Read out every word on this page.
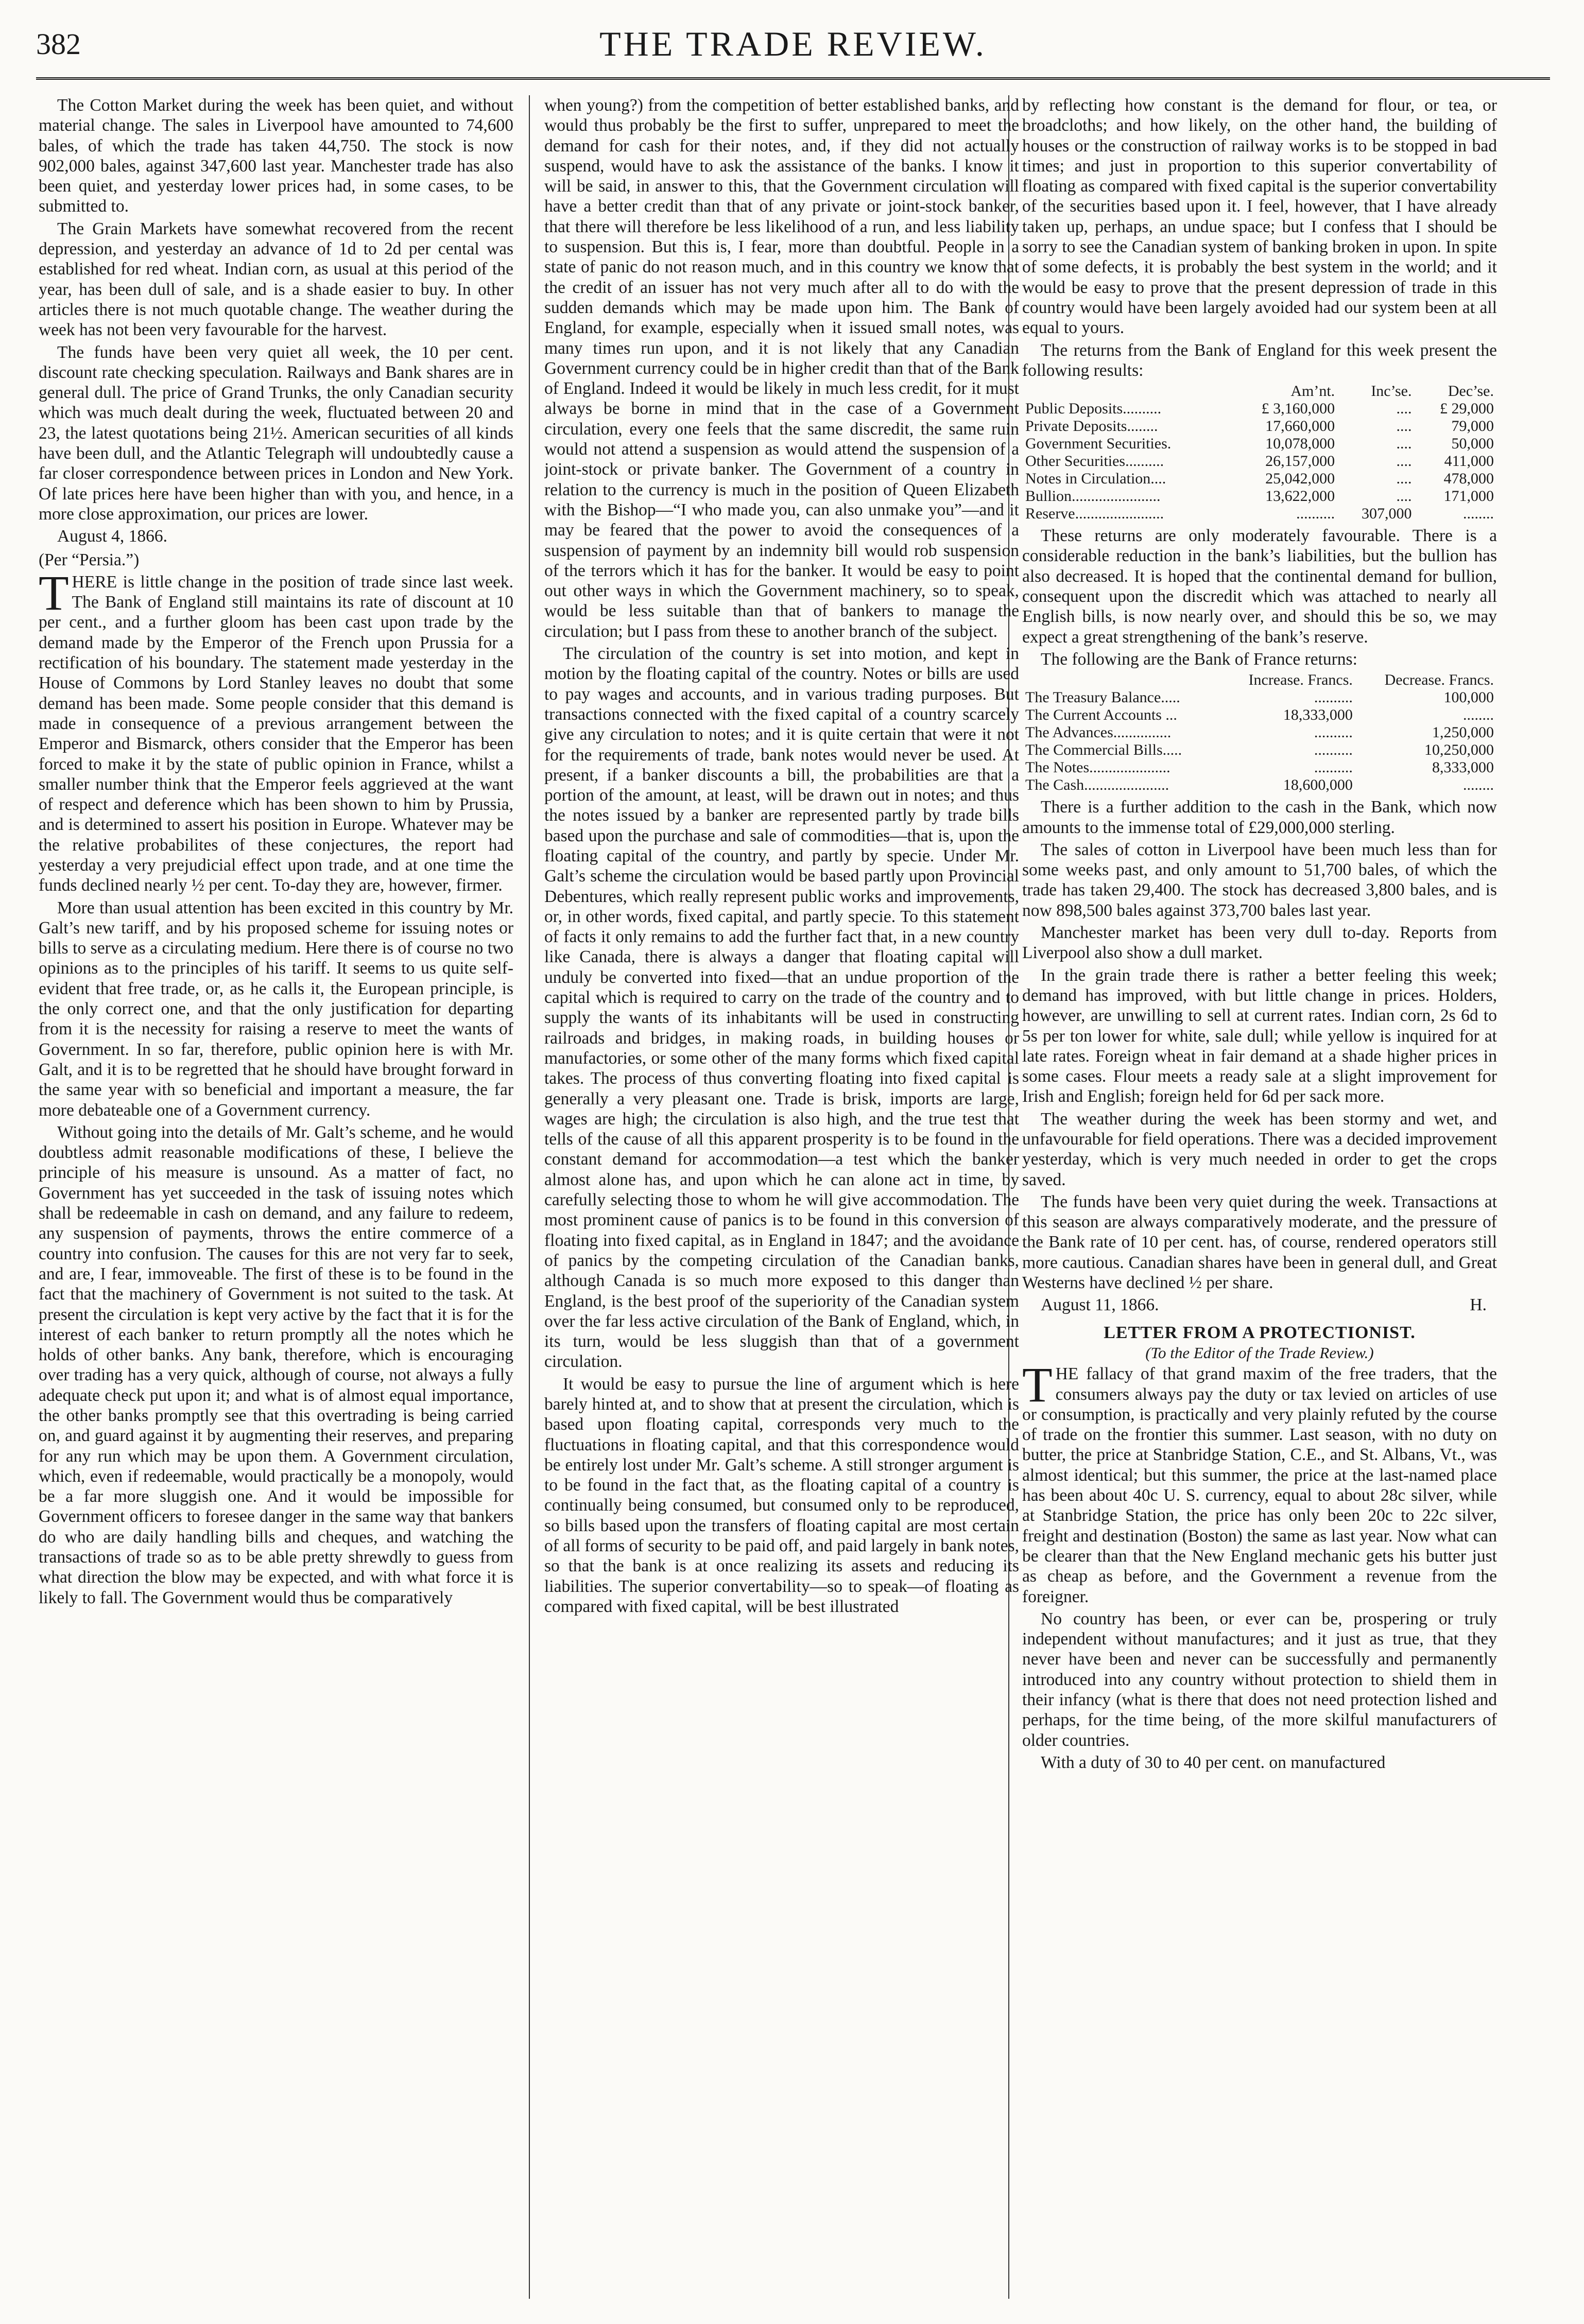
382	THE TRADE REVIEW.

The Cotton Market during the week has been quiet, and without material change. The sales in Liverpool have amounted to 74,600 bales, of which the trade has taken 44,750. The stock is now 902,000 bales, against 347,600 last year. Manchester trade has also been quiet, and yesterday lower prices had, in some cases, to be submitted to.

The Grain Markets have somewhat recovered from the recent depression, and yesterday an advance of 1d to 2d per cental was established for red wheat. Indian corn, as usual at this period of the year, has been dull of sale, and is a shade easier to buy. In other articles there is not much quotable change. The weather during the week has not been very favourable for the harvest.

The funds have been very quiet all week, the 10 per cent. discount rate checking speculation. Railways and Bank shares are in general dull. The price of Grand Trunks, the only Canadian security which was much dealt during the week, fluctuated between 20 and 23, the latest quotations being 21½. American securities of all kinds have been dull, and the Atlantic Telegraph will undoubtedly cause a far closer correspondence between prices in London and New York. Of late prices here have been higher than with you, and hence, in a more close approximation, our prices are lower.

August 4, 1866.

(Per “Persia.”)

THERE is little change in the position of trade since last week. The Bank of England still maintains its rate of discount at 10 per cent., and a further gloom has been cast upon trade by the demand made by the Emperor of the French upon Prussia for a rectification of his boundary. The statement made yesterday in the House of Commons by Lord Stanley leaves no doubt that some demand has been made. Some people consider that this demand is made in consequence of a previous arrangement between the Emperor and Bismarck, others consider that the Emperor has been forced to make it by the state of public opinion in France, whilst a smaller number think that the Emperor feels aggrieved at the want of respect and deference which has been shown to him by Prussia, and is determined to assert his position in Europe. Whatever may be the relative probabilites of these conjectures, the report had yesterday a very prejudicial effect upon trade, and at one time the funds declined nearly ½ per cent. To-day they are, however, firmer.

More than usual attention has been excited in this country by Mr. Galt’s new tariff, and by his proposed scheme for issuing notes or bills to serve as a circulating medium. Here there is of course no two opinions as to the principles of his tariff. It seems to us quite self-evident that free trade, or, as he calls it, the European principle, is the only correct one, and that the only justification for departing from it is the necessity for raising a reserve to meet the wants of Government. In so far, therefore, public opinion here is with Mr. Galt, and it is to be regretted that he should have brought forward in the same year with so beneficial and important a measure, the far more debateable one of a Government currency.

Without going into the details of Mr. Galt’s scheme, and he would doubtless admit reasonable modifications of these, I believe the principle of his measure is unsound. As a matter of fact, no Government has yet succeeded in the task of issuing notes which shall be redeemable in cash on demand, and any failure to redeem, any suspension of payments, throws the entire commerce of a country into confusion. The causes for this are not very far to seek, and are, I fear, immoveable. The first of these is to be found in the fact that the machinery of Government is not suited to the task. At present the circulation is kept very active by the fact that it is for the interest of each banker to return promptly all the notes which he holds of other banks. Any bank, therefore, which is encouraging over trading has a very quick, although of course, not always a fully adequate check put upon it; and what is of almost equal importance, the other banks promptly see that this overtrading is being carried on, and guard against it by augmenting their reserves, and preparing for any run which may be upon them. A Government circulation, which, even if redeemable, would practically be a monopoly, would be a far more sluggish one. And it would be impossible for Government officers to foresee danger in the same way that bankers do who are daily handling bills and cheques, and watching the transactions of trade so as to be able pretty shrewdly to guess from what direction the blow may be expected, and with what force it is likely to fall. The Government would thus be comparatively

when young?) from the competition of better established banks, and would thus probably be the first to suffer, unprepared to meet the demand for cash for their notes, and, if they did not actually suspend, would have to ask the assistance of the banks. I know it will be said, in answer to this, that the Government circulation will have a better credit than that of any private or joint-stock banker, that there will therefore be less likelihood of a run, and less liability to suspension. But this is, I fear, more than doubtful. People in a state of panic do not reason much, and in this country we know that the credit of an issuer has not very much after all to do with the sudden demands which may be made upon him. The Bank of England, for example, especially when it issued small notes, was many times run upon, and it is not likely that any Canadian Government currency could be in higher credit than that of the Bank of England. Indeed it would be likely in much less credit, for it must always be borne in mind that in the case of a Government circulation, every one feels that the same discredit, the same ruin would not attend a suspension as would attend the suspension of a joint-stock or private banker. The Government of a country in relation to the currency is much in the position of Queen Elizabeth with the Bishop—“I who made you, can also unmake you”—and it may be feared that the power to avoid the consequences of a suspension of payment by an indemnity bill would rob suspension of the terrors which it has for the banker. It would be easy to point out other ways in which the Government machinery, so to speak, would be less suitable than that of bankers to manage the circulation; but I pass from these to another branch of the subject.

The circulation of the country is set into motion, and kept in motion by the floating capital of the country. Notes or bills are used to pay wages and accounts, and in various trading purposes. But transactions connected with the fixed capital of a country scarcely give any circulation to notes; and it is quite certain that were it not for the requirements of trade, bank notes would never be used. At present, if a banker discounts a bill, the probabilities are that a portion of the amount, at least, will be drawn out in notes; and thus the notes issued by a banker are represented partly by trade bills based upon the purchase and sale of commodities—that is, upon the floating capital of the country, and partly by specie. Under Mr. Galt’s scheme the circulation would be based partly upon Provincial Debentures, which really represent public works and improvements, or, in other words, fixed capital, and partly specie. To this statement of facts it only remains to add the further fact that, in a new country like Canada, there is always a danger that floating capital will unduly be converted into fixed—that an undue proportion of the capital which is required to carry on the trade of the country and to supply the wants of its inhabitants will be used in constructing railroads and bridges, in making roads, in building houses or manufactories, or some other of the many forms which fixed capital takes. The process of thus converting floating into fixed capital is generally a very pleasant one. Trade is brisk, imports are large, wages are high; the circulation is also high, and the true test that tells of the cause of all this apparent prosperity is to be found in the constant demand for accommodation—a test which the banker almost alone has, and upon which he can alone act in time, by carefully selecting those to whom he will give accommodation. The most prominent cause of panics is to be found in this conversion of floating into fixed capital, as in England in 1847; and the avoidance of panics by the competing circulation of the Canadian banks, although Canada is so much more exposed to this danger than England, is the best proof of the superiority of the Canadian system over the far less active circulation of the Bank of England, which, in its turn, would be less sluggish than that of a government circulation.

It would be easy to pursue the line of argument which is here barely hinted at, and to show that at present the circulation, which is based upon floating capital, corresponds very much to the fluctuations in floating capital, and that this correspondence would be entirely lost under Mr. Galt’s scheme. A still stronger argument is to be found in the fact that, as the floating capital of a country is continually being consumed, but consumed only to be reproduced, so bills based upon the transfers of floating capital are most certain of all forms of security to be paid off, and paid largely in bank notes, so that the bank is at once realizing its assets and reducing its liabilities. The superior convertability—so to speak—of floating as compared with fixed capital, will be best illustrated

by reflecting how constant is the demand for flour, or tea, or broadcloths; and how likely, on the other hand, the building of houses or the construction of railway works is to be stopped in bad times; and just in proportion to this superior convertability of floating as compared with fixed capital is the superior convertability of the securities based upon it. I feel, however, that I have already taken up, perhaps, an undue space; but I confess that I should be sorry to see the Canadian system of banking broken in upon. In spite of some defects, it is probably the best system in the world; and it would be easy to prove that the present depression of trade in this country would have been largely avoided had our system been at all equal to yours.

The returns from the Bank of England for this week present the following results:

	Am’nt.	Inc’se.	Dec’se.
Public Deposits..........	£ 3,160,000	....	£ 29,000
Private Deposits........	17,660,000	....	79,000
Government Securities.	10,078,000	....	50,000
Other Securities..........	26,157,000	....	411,000
Notes in Circulation....	25,042,000	....	478,000
Bullion.......................	13,622,000	....	171,000
Reserve.......................	..........	307,000	........

These returns are only moderately favourable. There is a considerable reduction in the bank’s liabilities, but the bullion has also decreased. It is hoped that the continental demand for bullion, consequent upon the discredit which was attached to nearly all English bills, is now nearly over, and should this be so, we may expect a great strengthening of the bank’s reserve.

The following are the Bank of France returns:

	Increase. Francs.	Decrease. Francs.
The Treasury Balance.....	..........	100,000
The Current Accounts ...	18,333,000	........
The Advances...............	..........	1,250,000
The Commercial Bills.....	..........	10,250,000
The Notes.....................	..........	8,333,000
The Cash......................	18,600,000	........

There is a further addition to the cash in the Bank, which now amounts to the immense total of £29,000,000 sterling.

The sales of cotton in Liverpool have been much less than for some weeks past, and only amount to 51,700 bales, of which the trade has taken 29,400. The stock has decreased 3,800 bales, and is now 898,500 bales against 373,700 bales last year.

Manchester market has been very dull to-day. Reports from Liverpool also show a dull market.

In the grain trade there is rather a better feeling this week; demand has improved, with but little change in prices. Holders, however, are unwilling to sell at current rates. Indian corn, 2s 6d to 5s per ton lower for white, sale dull; while yellow is inquired for at late rates. Foreign wheat in fair demand at a shade higher prices in some cases. Flour meets a ready sale at a slight improvement for Irish and English; foreign held for 6d per sack more.

The weather during the week has been stormy and wet, and unfavourable for field operations. There was a decided improvement yesterday, which is very much needed in order to get the crops saved.

The funds have been very quiet during the week. Transactions at this season are always comparatively moderate, and the pressure of the Bank rate of 10 per cent. has, of course, rendered operators still more cautious. Canadian shares have been in general dull, and Great Westerns have declined ½ per share.

August 11, 1866.	H.
LETTER FROM A PROTECTIONIST.
(To the Editor of the Trade Review.)

THE fallacy of that grand maxim of the free traders, that the consumers always pay the duty or tax levied on articles of use or consumption, is practically and very plainly refuted by the course of trade on the frontier this summer. Last season, with no duty on butter, the price at Stanbridge Station, C.E., and St. Albans, Vt., was almost identical; but this summer, the price at the last-named place has been about 40c U. S. currency, equal to about 28c silver, while at Stanbridge Station, the price has only been 20c to 22c silver, freight and destination (Boston) the same as last year. Now what can be clearer than that the New England mechanic gets his butter just as cheap as before, and the Government a revenue from the foreigner.

No country has been, or ever can be, prospering or truly independent without manufactures; and it just as true, that they never have been and never can be successfully and permanently introduced into any country without protection to shield them in their infancy (what is there that does not need protection lished and perhaps, for the time being, of the more skilful manufacturers of older countries.

With a duty of 30 to 40 per cent. on manufactured
